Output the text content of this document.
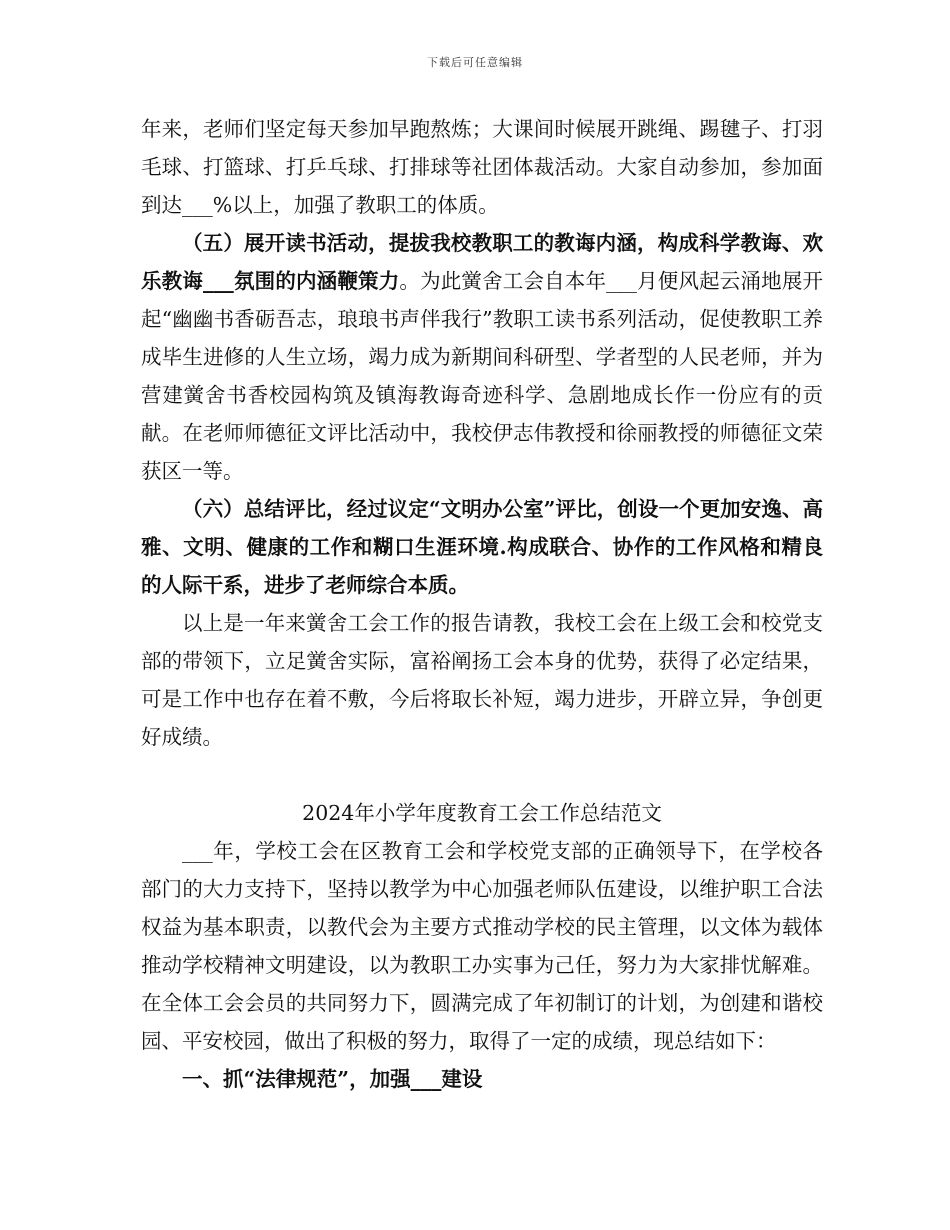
下载后可任意编辑

年来，老师们坚定每天参加早跑熬炼；大课间时候展开跳绳、踢毽子、打羽毛球、打篮球、打乒乓球、打排球等社团体裁活动。大家自动参加，参加面到达___%以上，加强了教职工的体质。

（五）展开读书活动，提拔我校教职工的教诲内涵，构成科学教诲、欢乐教诲___氛围的内涵鞭策力。为此黉舍工会自本年___月便风起云涌地展开起“幽幽书香砺吾志，琅琅书声伴我行”教职工读书系列活动，促使教职工养成毕生进修的人生立场，竭力成为新期间科研型、学者型的人民老师，并为营建黉舍书香校园构筑及镇海教诲奇迹科学、急剧地成长作一份应有的贡献。在老师师德征文评比活动中，我校伊志伟教授和徐丽教授的师德征文荣获区一等。

（六）总结评比，经过议定“文明办公室”评比，创设一个更加安逸、高雅、文明、健康的工作和糊口生涯环境.构成联合、协作的工作风格和精良的人际干系，进步了老师综合本质。

以上是一年来黉舍工会工作的报告请教，我校工会在上级工会和校党支部的带领下，立足黉舍实际，富裕阐扬工会本身的优势，获得了必定结果，可是工作中也存在着不敷，今后将取长补短，竭力进步，开辟立异，争创更好成绩。

2024年小学年度教育工会工作总结范文

___年，学校工会在区教育工会和学校党支部的正确领导下，在学校各部门的大力支持下，坚持以教学为中心加强老师队伍建设，以维护职工合法权益为基本职责，以教代会为主要方式推动学校的民主管理，以文体为载体推动学校精神文明建设，以为教职工办实事为己任，努力为大家排忧解难。在全体工会会员的共同努力下，圆满完成了年初制订的计划，为创建和谐校园、平安校园，做出了积极的努力，取得了一定的成绩，现总结如下：

一、抓“法律规范”，加强___建设
